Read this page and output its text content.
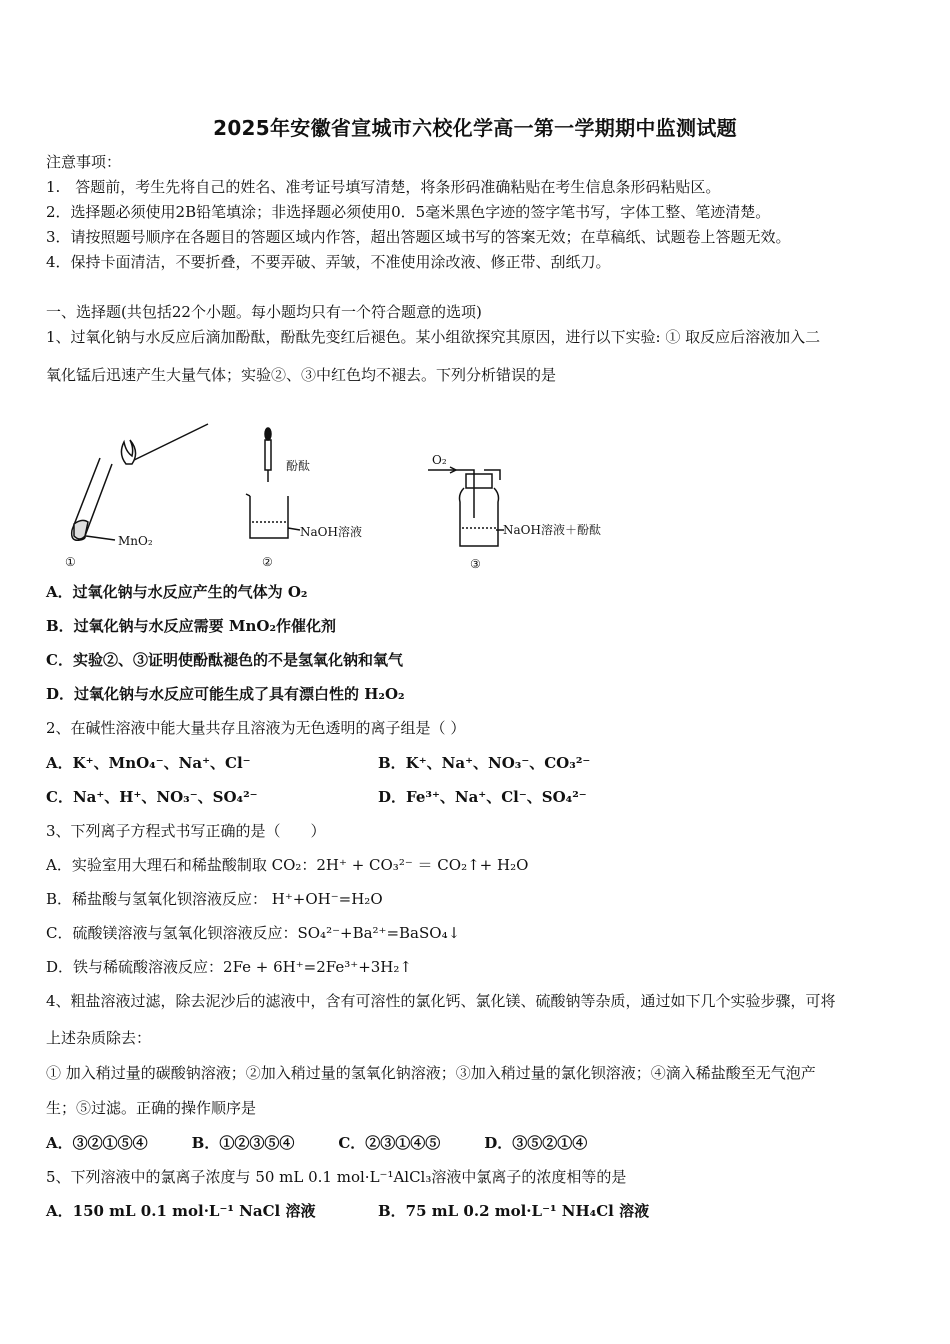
2025年安徽省宣城市六校化学高一第一学期期中监测试题
注意事项：
1.　答题前，考生先将自己的姓名、准考证号填写清楚，将条形码准确粘贴在考生信息条形码粘贴区。
2．选择题必须使用2B铅笔填涂；非选择题必须使用0．5毫米黑色字迹的签字笔书写，字体工整、笔迹清楚。
3．请按照题号顺序在各题目的答题区域内作答，超出答题区域书写的答案无效；在草稿纸、试题卷上答题无效。
4．保持卡面清洁，不要折叠，不要弄破、弄皱，不准使用涂改液、修正带、刮纸刀。
一、选择题(共包括22个小题。每小题均只有一个符合题意的选项)
1、过氧化钠与水反应后滴加酚酞，酚酞先变红后褪色。某小组欲探究其原因，进行以下实验: ① 取反应后溶液加入二
氧化锰后迅速产生大量气体；实验②、③中红色均不褪去。下列分析错误的是
MnO₂
①
酚酞
NaOH溶液
②
O₂
NaOH溶液＋酚酞
③
A．过氧化钠与水反应产生的气体为 O₂
B．过氧化钠与水反应需要 MnO₂作催化剂
C．实验②、③证明使酚酞褪色的不是氢氧化钠和氧气
D．过氧化钠与水反应可能生成了具有漂白性的 H₂O₂
2、在碱性溶液中能大量共存且溶液为无色透明的离子组是（ ）
A．K⁺、MnO₄⁻、Na⁺、Cl⁻	B．K⁺、Na⁺、NO₃⁻、CO₃²⁻
C．Na⁺、H⁺、NO₃⁻、SO₄²⁻	D．Fe³⁺、Na⁺、Cl⁻、SO₄²⁻
3、下列离子方程式书写正确的是（　　）
A．实验室用大理石和稀盐酸制取 CO₂：2H⁺ + CO₃²⁻ ＝ CO₂↑+ H₂O
B．稀盐酸与氢氧化钡溶液反应： H⁺+OH⁻=H₂O
C．硫酸镁溶液与氢氧化钡溶液反应：SO₄²⁻+Ba²⁺=BaSO₄↓
D．铁与稀硫酸溶液反应：2Fe + 6H⁺=2Fe³⁺+3H₂↑
4、粗盐溶液过滤，除去泥沙后的滤液中，含有可溶性的氯化钙、氯化镁、硫酸钠等杂质，通过如下几个实验步骤，可将
上述杂质除去：
① 加入稍过量的碳酸钠溶液；②加入稍过量的氢氧化钠溶液；③加入稍过量的氯化钡溶液；④滴入稀盐酸至无气泡产
生；⑤过滤。正确的操作顺序是
A．③②①⑤④	B．①②③⑤④	C．②③①④⑤	D．③⑤②①④
5、下列溶液中的氯离子浓度与 50 mL 0.1 mol·L⁻¹AlCl₃溶液中氯离子的浓度相等的是
A．150 mL 0.1 mol·L⁻¹ NaCl 溶液	B．75 mL 0.2 mol·L⁻¹ NH₄Cl 溶液
